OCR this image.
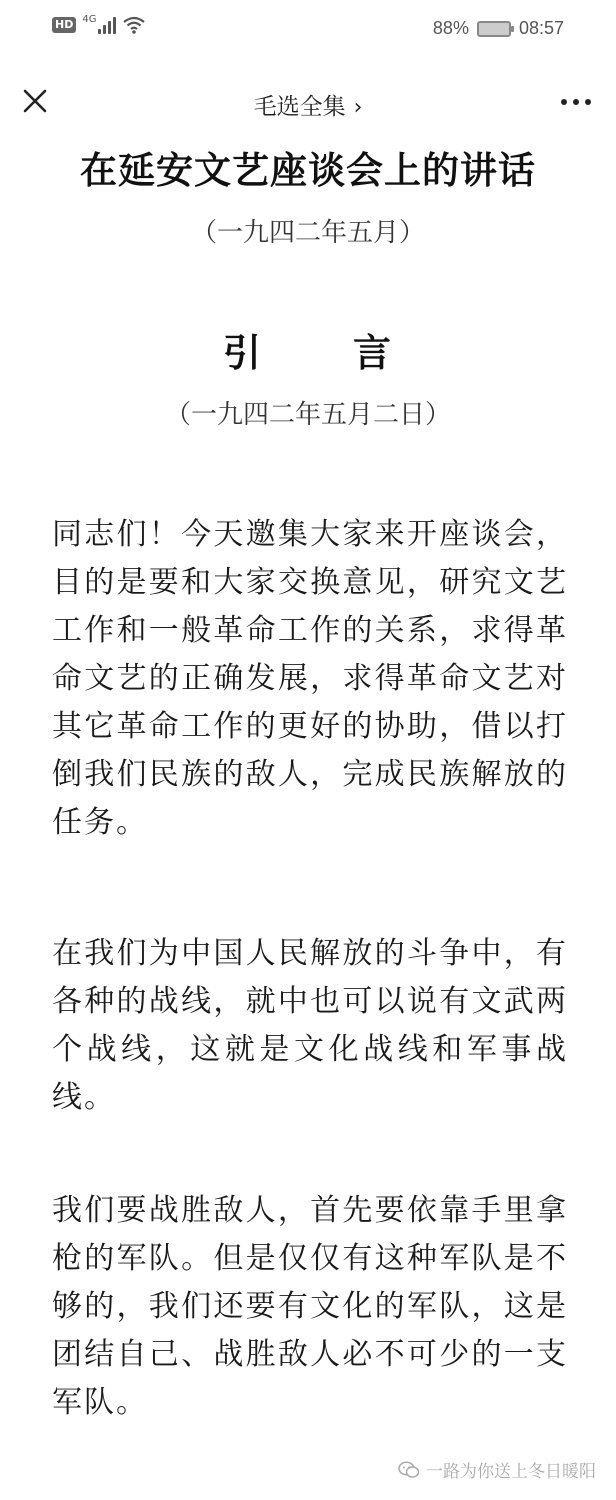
HD 4G	88%	08:57
毛选全集 ›
在延安文艺座谈会上的讲话
（一九四二年五月）
引 言
（一九四二年五月二日）

同志们！今天邀集大家来开座谈会，目的是要和大家交换意见，研究文艺工作和一般革命工作的关系，求得革命文艺的正确发展，求得革命文艺对其它革命工作的更好的协助，借以打倒我们民族的敌人，完成民族解放的任务。

在我们为中国人民解放的斗争中，有各种的战线，就中也可以说有文武两个战线，这就是文化战线和军事战线。

我们要战胜敌人，首先要依靠手里拿枪的军队。但是仅仅有这种军队是不够的，我们还要有文化的军队，这是团结自己、战胜敌人必不可少的一支军队。

一路为你送上冬日暖阳
